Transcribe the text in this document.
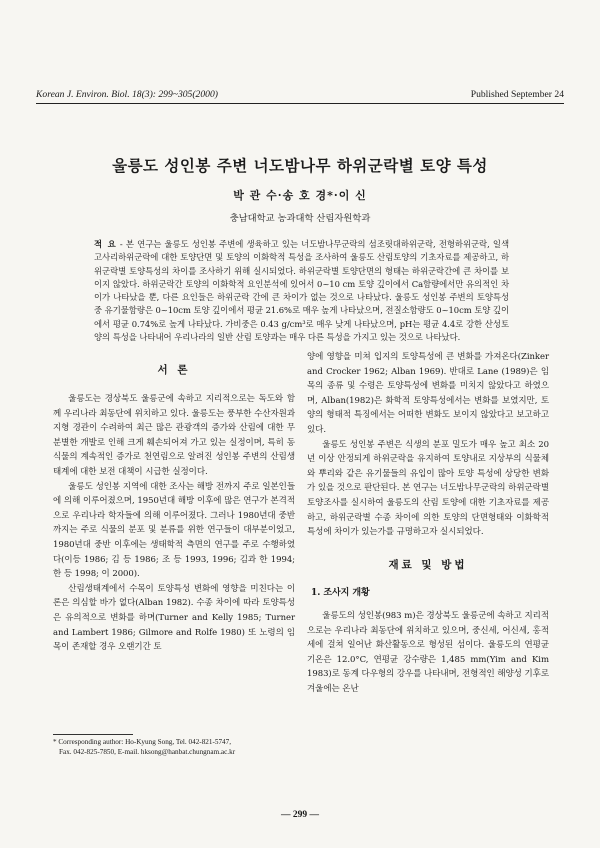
Korean J. Environ. Biol. 18(3): 299~305(2000)	Published September 24
울릉도 성인봉 주변 너도밤나무 하위군락별 토양 특성
박 관 수·송 호 경*·이 신
충남대학교 농과대학 산림자원학과
적 요 - 본 연구는 울릉도 성인봉 주변에 생육하고 있는 너도밤나무군락의 섬조릿대하위군락, 전형하위군락, 일색고사리하위군락에 대한 토양단면 및 토양의 이화학적 특성을 조사하여 울릉도 산림토양의 기초자료를 제공하고, 하위군락별 토양특성의 차이를 조사하기 위해 실시되었다. 하위군락별 토양단면의 형태는 하위군락간에 큰 차이를 보이지 않았다. 하위군락간 토양의 이화학적 요인분석에 있어서 0~10 cm 토양 깊이에서 Ca함량에서만 유의적인 차이가 나타났을 뿐, 다른 요인들은 하위군락 간에 큰 차이가 없는 것으로 나타났다. 울릉도 성인봉 주변의 토양특성 중 유기물함량은 0~10cm 토양 깊이에서 평균 21.6%로 매우 높게 나타났으며, 전질소함량도 0~10cm 토양 깊이에서 평균 0.74%로 높게 나타났다. 가비중은 0.43 g/cm³로 매우 낮게 나타났으며, pH는 평균 4.4로 강한 산성토양의 특성을 나타내어 우리나라의 일반 산림 토양과는 매우 다른 특성을 가지고 있는 것으로 나타났다.
서 론

울릉도는 경상북도 울릉군에 속하고 지리적으로는 독도와 함께 우리나라 최동단에 위치하고 있다. 울릉도는 풍부한 수산자원과 지형 경관이 수려하여 최근 많은 관광객의 증가와 산림에 대한 무분별한 개발로 인해 크게 훼손되어져 가고 있는 실정이며, 특히 동식물의 계속적인 증가로 천연림으로 알려진 성인봉 주변의 산림생태계에 대한 보전 대책이 시급한 실정이다.

울릉도 성인봉 지역에 대한 조사는 해방 전까지 주로 일본인들에 의해 이루어졌으며, 1950년대 해방 이후에 많은 연구가 본격적으로 우리나라 학자들에 의해 이루어졌다. 그러나 1980년대 중반까지는 주로 식물의 분포 및 분류를 위한 연구들이 대부분이었고, 1980년대 중반 이후에는 생태학적 측면의 연구를 주로 수행하였다(이등 1986; 김 등 1986; 조 등 1993, 1996; 김과 한 1994; 한 등 1998; 이 2000).

산림생태계에서 수목이 토양특성 변화에 영향을 미친다는 이론은 의심할 바가 없다(Alban 1982). 수종 차이에 따라 토양특성은 유의적으로 변화를 하며(Turner and Kelly 1985; Turner and Lambert 1986; Gilmore and Rolfe 1980) 또 노령의 임목이 존재할 경우 오랜기간 토

양에 영향을 미쳐 입지의 토양특성에 큰 변화를 가져온다(Zinker and Crocker 1962; Alban 1969). 반대로 Lane (1989)은 임목의 종류 및 수령은 토양특성에 변화를 미치지 않았다고 하였으며, Alban(1982)은 화학적 토양특성에서는 변화를 보였지만, 토양의 형태적 특징에서는 어떠한 변화도 보이지 않았다고 보고하고 있다.

울릉도 성인봉 주변은 식생의 분포 밀도가 매우 높고 최소 20년 이상 안정되게 하위군락을 유지하여 토양내로 지상부의 식물체와 뿌리와 같은 유기물들의 유입이 많아 토양 특성에 상당한 변화가 있을 것으로 판단된다. 본 연구는 너도밤나무군락의 하위군락별 토양조사를 실시하여 울릉도의 산림 토양에 대한 기초자료를 제공하고, 하위군락별 수종 차이에 의한 토양의 단면형태와 이화학적 특성에 차이가 있는가를 규명하고자 실시되었다.

재료 및 방법
1. 조사지 개황

울릉도의 성인봉(983 m)은 경상북도 울릉군에 속하고 지리적으로는 우리나라 최동단에 위치하고 있으며, 중신세, 어신세, 홍적세에 걸쳐 일어난 화산활동으로 형성된 섬이다. 울릉도의 연평균 기온은 12.0°C, 연평균 강수량은 1,485 mm(Yim and Kim 1983)로 동계 다우형의 강우를 나타내며, 전형적인 해양성 기후로 겨울에는 온난

* Corresponding author: Ho-Kyung Song, Tel. 042-821-5747,
Fax. 042-825-7850, E-mail. hksong@hanbat.chungnam.ac.kr
— 299 —
